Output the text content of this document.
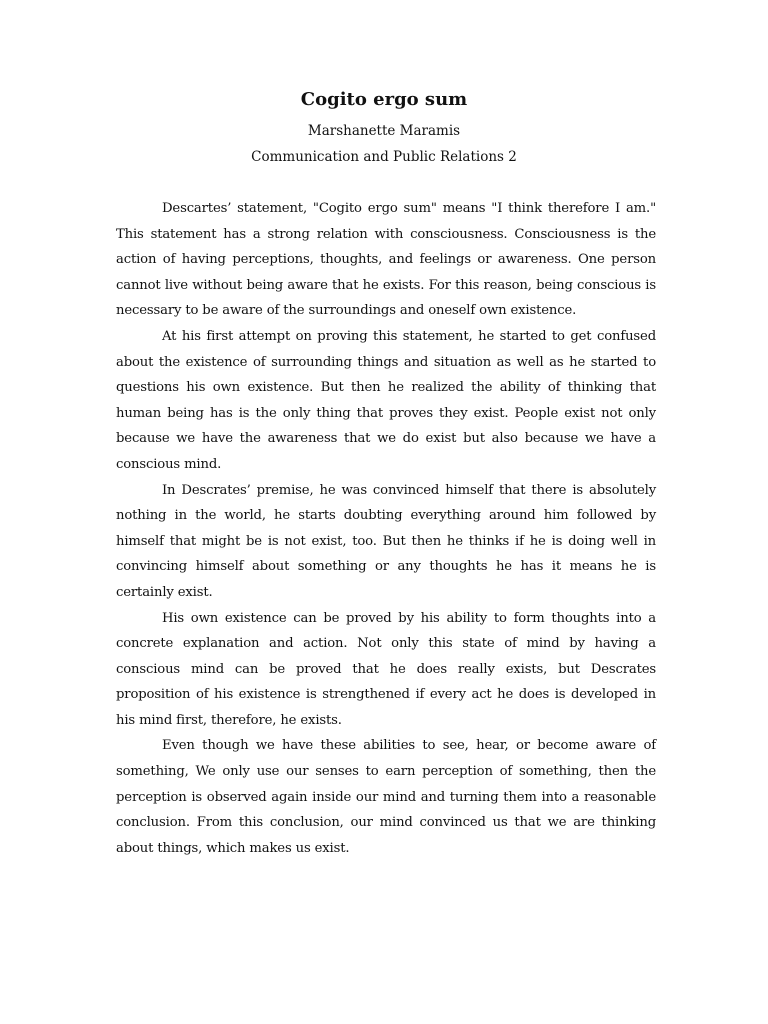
Cogito ergo sum
Marshanette Maramis
Communication and Public Relations 2
Descartes’ statement, "Cogito ergo sum" means "I think therefore I am."
This statement has a strong relation with consciousness. Consciousness is the
action of having perceptions, thoughts, and feelings or awareness. One person
cannot live without being aware that he exists. For this reason, being conscious is
necessary to be aware of the surroundings and oneself own existence.
At his first attempt on proving this statement, he started to get confused
about the existence of surrounding things and situation as well as he started to
questions his own existence. But then he realized the ability of thinking that
human being has is the only thing that proves they exist. People exist not only
because we have the awareness that we do exist but also because we have a
conscious mind.
In Descrates’ premise, he was convinced himself that there is absolutely
nothing in the world, he starts doubting everything around him followed by
himself that might be is not exist, too. But then he thinks if he is doing well in
convincing himself about something or any thoughts he has it means he is
certainly exist.
His own existence can be proved by his ability to form thoughts into a
concrete explanation and action. Not only this state of mind by having a
conscious mind can be proved that he does really exists, but Descrates
proposition of his existence is strengthened if every act he does is developed in
his mind first, therefore, he exists.
Even though we have these abilities to see, hear, or become aware of
something, We only use our senses to earn perception of something, then the
perception is observed again inside our mind and turning them into a reasonable
conclusion. From this conclusion, our mind convinced us that we are thinking
about things, which makes us exist.
